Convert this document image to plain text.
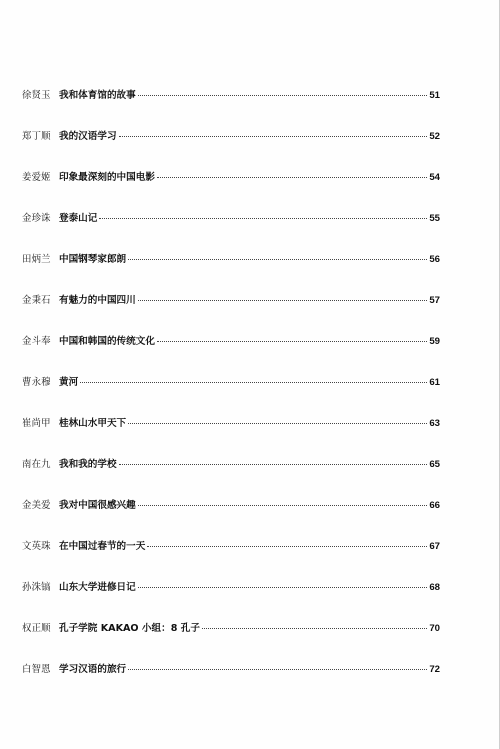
徐贤玉 我和体育馆的故事	51
郑丁顺 我的汉语学习	52
姜爱姬 印象最深刻的中国电影	54
金珍诛 登泰山记	55
田炳兰 中国钢琴家郎朗	56
金秉石 有魅力的中国四川	57
金斗奉 中国和韩国的传统文化	59
曹永穆 黄河	61
崔尚甲 桂林山水甲天下	63
南在九 我和我的学校	65
金美爱 我对中国很感兴趣	66
文英珠 在中国过春节的一天	67
孙洙镐 山东大学进修日记	68
权正顺 孔子学院 KAKAO 小组：8 孔子	70
白智恩 学习汉语的旅行	72
